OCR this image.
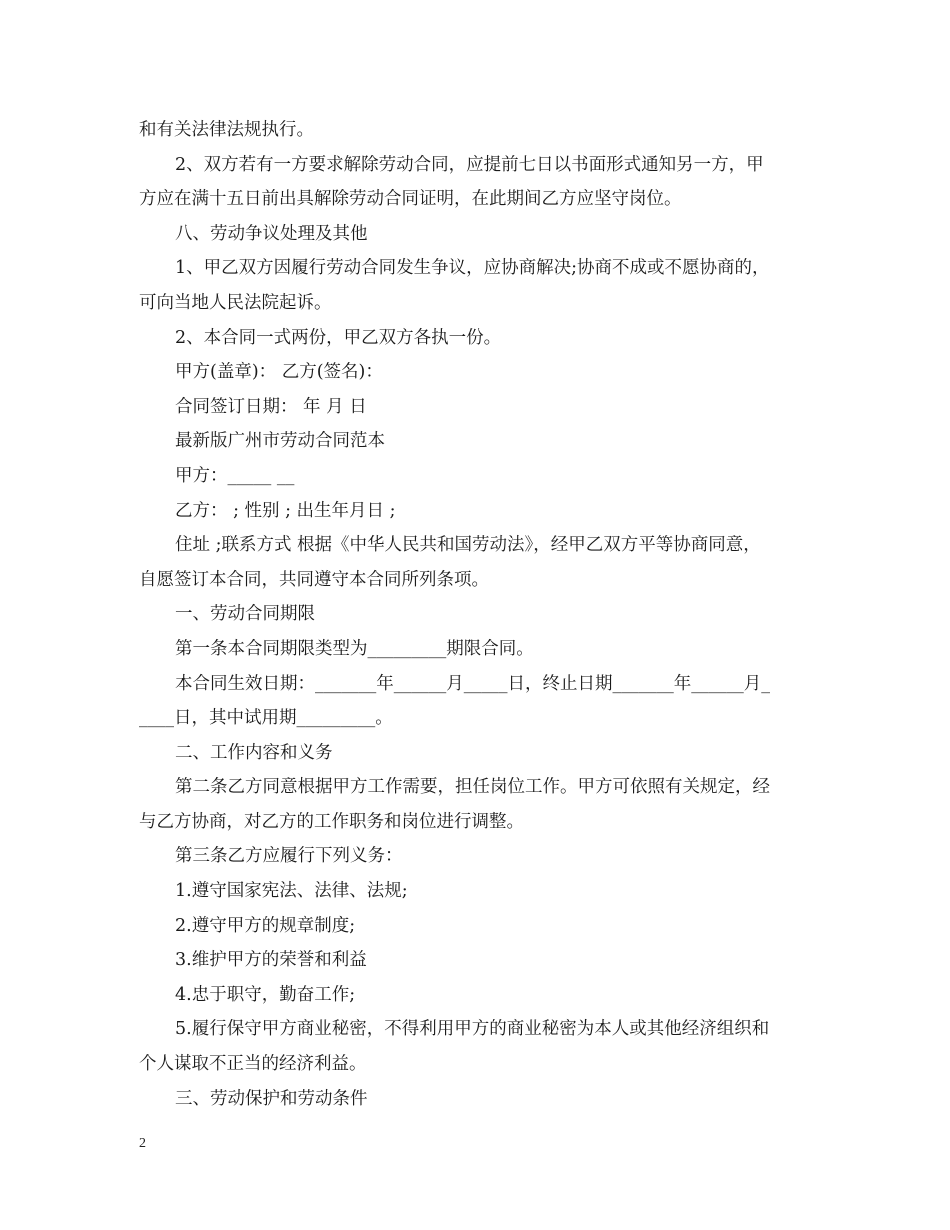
和有关法律法规执行。
2、双方若有一方要求解除劳动合同，应提前七日以书面形式通知另一方，甲
方应在满十五日前出具解除劳动合同证明，在此期间乙方应坚守岗位。
八、劳动争议处理及其他
1、甲乙双方因履行劳动合同发生争议，应协商解决;协商不成或不愿协商的，
可向当地人民法院起诉。
2、本合同一式两份，甲乙双方各执一份。
甲方(盖章)： 乙方(签名)：
合同签订日期： 年 月 日
最新版广州市劳动合同范本
甲方：_____ __
乙方： ; 性别 ; 出生年月日 ;
住址 ;联系方式 根据《中华人民共和国劳动法》，经甲乙双方平等协商同意，
自愿签订本合同，共同遵守本合同所列条项。
一、劳动合同期限
第一条本合同期限类型为_________期限合同。
本合同生效日期：_______年______月_____日，终止日期_______年______月_
____日，其中试用期_________。
二、工作内容和义务
第二条乙方同意根据甲方工作需要，担任岗位工作。甲方可依照有关规定，经
与乙方协商，对乙方的工作职务和岗位进行调整。
第三条乙方应履行下列义务：
1.遵守国家宪法、法律、法规;
2.遵守甲方的规章制度;
3.维护甲方的荣誉和利益
4.忠于职守，勤奋工作;
5.履行保守甲方商业秘密，不得利用甲方的商业秘密为本人或其他经济组织和
个人谋取不正当的经济利益。
三、劳动保护和劳动条件
2
